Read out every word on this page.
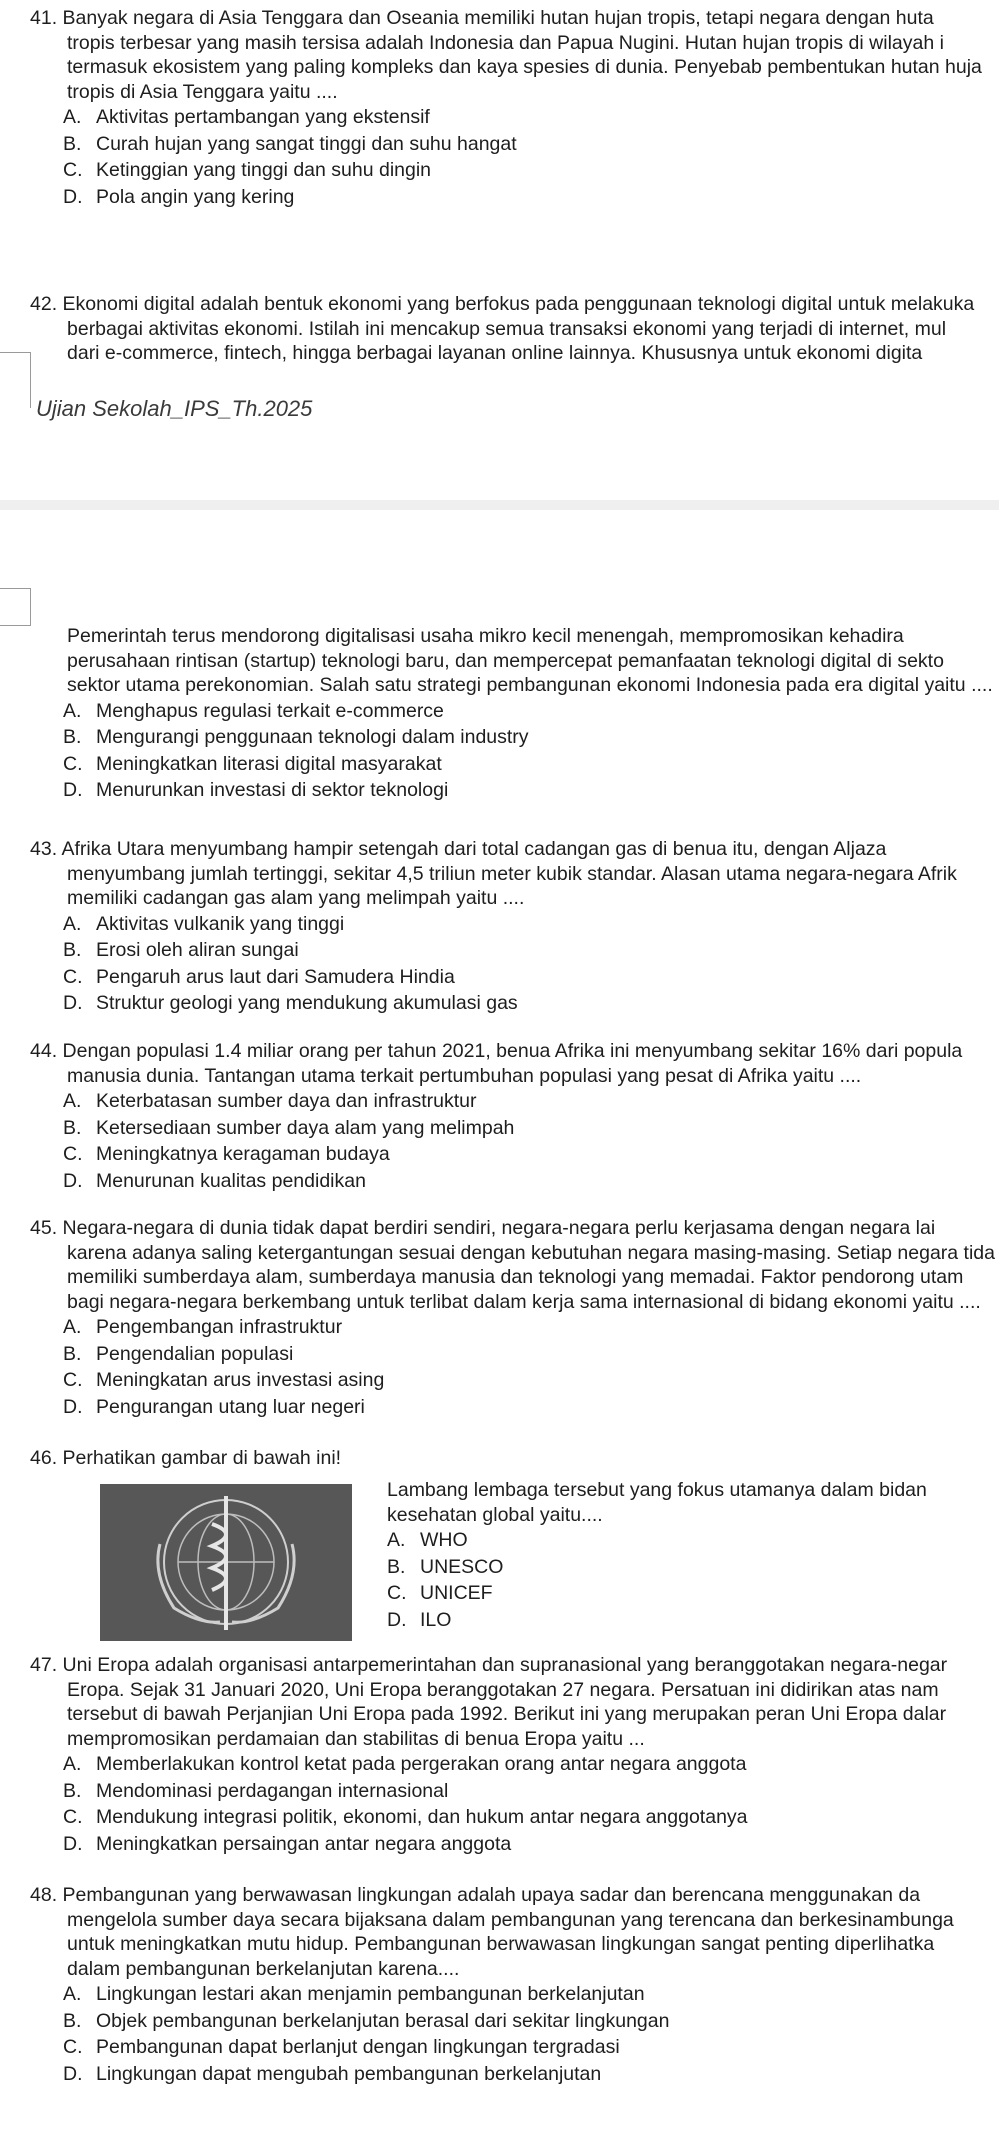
41. Banyak negara di Asia Tenggara dan Oseania memiliki hutan hujan tropis, tetapi negara dengan huta
tropis terbesar yang masih tersisa adalah Indonesia dan Papua Nugini. Hutan hujan tropis di wilayah i
termasuk ekosistem yang paling kompleks dan kaya spesies di dunia. Penyebab pembentukan hutan huja
tropis di Asia Tenggara yaitu ....
A. Aktivitas pertambangan yang ekstensif
B. Curah hujan yang sangat tinggi dan suhu hangat
C. Ketinggian yang tinggi dan suhu dingin
D. Pola angin yang kering
42. Ekonomi digital adalah bentuk ekonomi yang berfokus pada penggunaan teknologi digital untuk melakuka
berbagai aktivitas ekonomi. Istilah ini mencakup semua transaksi ekonomi yang terjadi di internet, mul
dari e-commerce, fintech, hingga berbagai layanan online lainnya. Khususnya untuk ekonomi digita
Ujian Sekolah_IPS_Th.2025
Pemerintah terus mendorong digitalisasi usaha mikro kecil menengah, mempromosikan kehadira
perusahaan rintisan (startup) teknologi baru, dan mempercepat pemanfaatan teknologi digital di sekto
sektor utama perekonomian. Salah satu strategi pembangunan ekonomi Indonesia pada era digital yaitu ....
A. Menghapus regulasi terkait e-commerce
B. Mengurangi penggunaan teknologi dalam industry
C. Meningkatkan literasi digital masyarakat
D. Menurunkan investasi di sektor teknologi
43. Afrika Utara menyumbang hampir setengah dari total cadangan gas di benua itu, dengan Aljaza
menyumbang jumlah tertinggi, sekitar 4,5 triliun meter kubik standar. Alasan utama negara-negara Afrik
memiliki cadangan gas alam yang melimpah yaitu ....
A. Aktivitas vulkanik yang tinggi
B. Erosi oleh aliran sungai
C. Pengaruh arus laut dari Samudera Hindia
D. Struktur geologi yang mendukung akumulasi gas
44. Dengan populasi 1.4 miliar orang per tahun 2021, benua Afrika ini menyumbang sekitar 16% dari popula
manusia dunia. Tantangan utama terkait pertumbuhan populasi yang pesat di Afrika yaitu ....
A. Keterbatasan sumber daya dan infrastruktur
B. Ketersediaan sumber daya alam yang melimpah
C. Meningkatnya keragaman budaya
D. Menurunan kualitas pendidikan
45. Negara-negara di dunia tidak dapat berdiri sendiri, negara-negara perlu kerjasama dengan negara lai
karena adanya saling ketergantungan sesuai dengan kebutuhan negara masing-masing. Setiap negara tida
memiliki sumberdaya alam, sumberdaya manusia dan teknologi yang memadai. Faktor pendorong utam
bagi negara-negara berkembang untuk terlibat dalam kerja sama internasional di bidang ekonomi yaitu ....
A. Pengembangan infrastruktur
B. Pengendalian populasi
C. Meningkatan arus investasi asing
D. Pengurangan utang luar negeri
46. Perhatikan gambar di bawah ini!
Lambang lembaga tersebut yang fokus utamanya dalam bidan
kesehatan global yaitu....
A. WHO
B. UNESCO
C. UNICEF
D. ILO
47. Uni Eropa adalah organisasi antarpemerintahan dan supranasional yang beranggotakan negara-negar
Eropa. Sejak 31 Januari 2020, Uni Eropa beranggotakan 27 negara. Persatuan ini didirikan atas nam
tersebut di bawah Perjanjian Uni Eropa pada 1992. Berikut ini yang merupakan peran Uni Eropa dalar
mempromosikan perdamaian dan stabilitas di benua Eropa yaitu ...
A. Memberlakukan kontrol ketat pada pergerakan orang antar negara anggota
B. Mendominasi perdagangan internasional
C. Mendukung integrasi politik, ekonomi, dan hukum antar negara anggotanya
D. Meningkatkan persaingan antar negara anggota
48. Pembangunan yang berwawasan lingkungan adalah upaya sadar dan berencana menggunakan da
mengelola sumber daya secara bijaksana dalam pembangunan yang terencana dan berkesinambunga
untuk meningkatkan mutu hidup. Pembangunan berwawasan lingkungan sangat penting diperlihatka
dalam pembangunan berkelanjutan karena....
A. Lingkungan lestari akan menjamin pembangunan berkelanjutan
B. Objek pembangunan berkelanjutan berasal dari sekitar lingkungan
C. Pembangunan dapat berlanjut dengan lingkungan tergradasi
D. Lingkungan dapat mengubah pembangunan berkelanjutan
